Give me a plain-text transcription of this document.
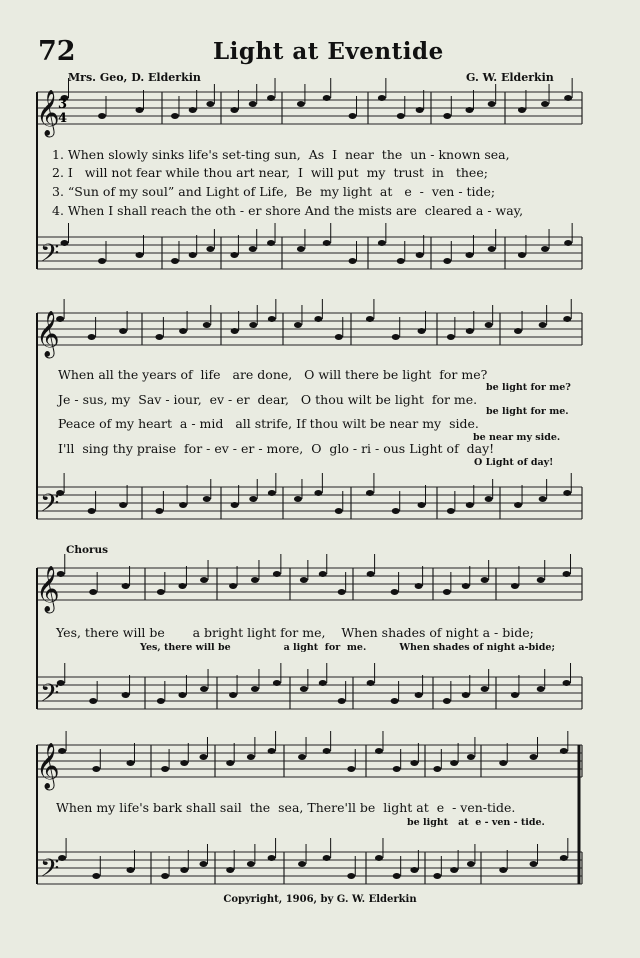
72	Light at Eventide
Mrs. Geo, D. Elderkin	G. W. Elderkin
𝄞
𝄢
3
4
𝄞
𝄢
𝄞
𝄢
𝄞
𝄢
1. When slowly sinks life's set-ting sun,  As  I  near  the  un - known sea,
2. I   will not fear while thou art near,  I  will put  my  trust  in   thee;
3. “Sun of my soul” and Light of Life,  Be  my light  at   e  -  ven - tide;
4. When I shall reach the oth - er shore And the mists are  cleared a - way,
When all the years of  life   are done,   O will there be light  for me?
be light for me?
Je - sus, my  Sav - iour,  ev - er  dear,   O thou wilt be light  for me.
be light for me.
Peace of my heart  a - mid   all strife, If thou wilt be near my  side.
be near my side.
I'll  sing thy praise  for - ev - er - more,  O  glo - ri - ous Light of  day!
O Light of day!
Chorus
Yes, there will be       a bright light for me,    When shades of night a - bide;
Yes, there will be                a light  for  me.          When shades of night a-bide;
When my life's bark shall sail  the  sea, There'll be  light at  e  - ven-tide.
be light   at  e - ven - tide.
Copyright, 1906, by G. W. Elderkin
